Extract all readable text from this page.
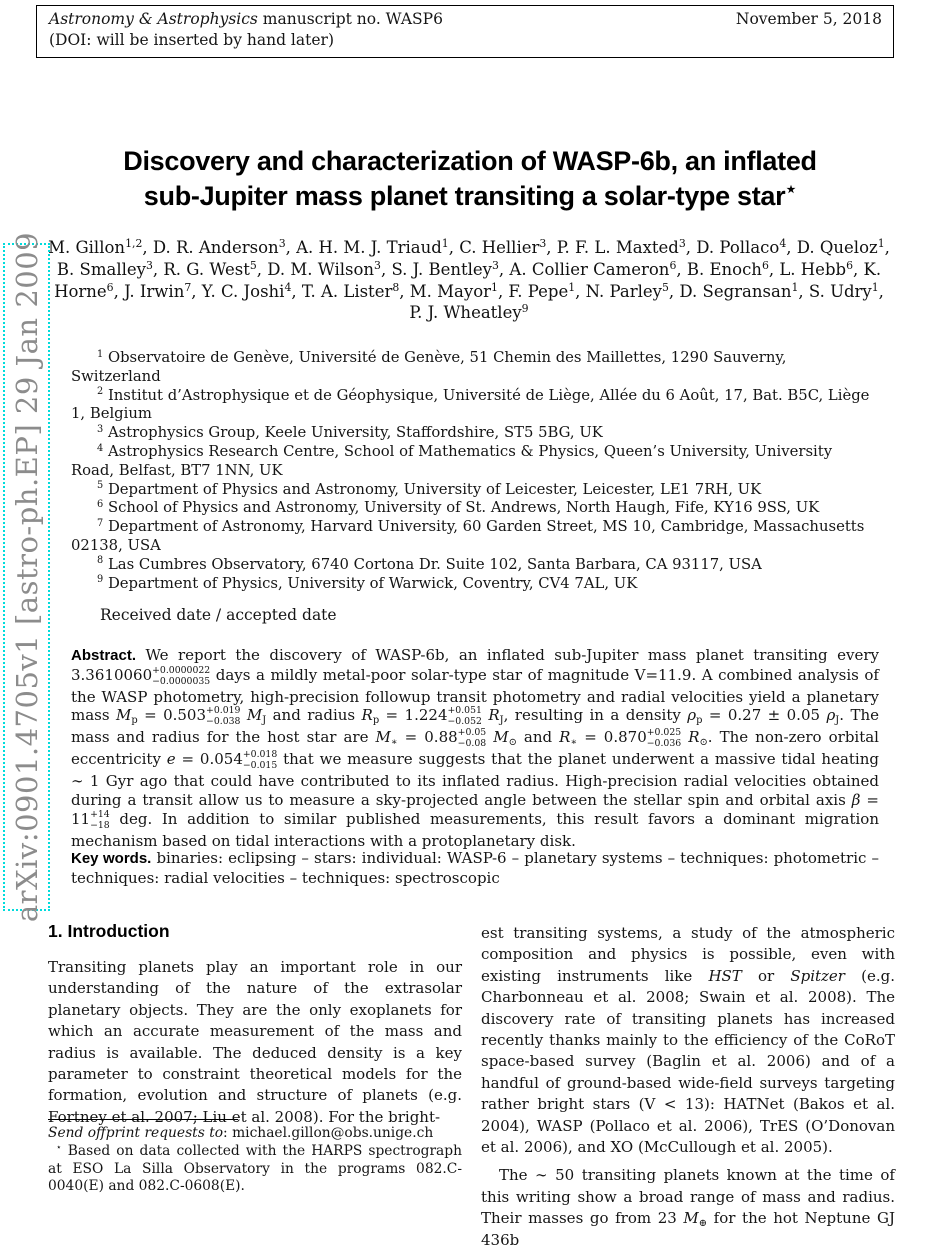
arXiv:0901.4705v1 [astro-ph.EP] 29 Jan 2009
Astronomy & Astrophysics manuscript no. WASP6
(DOI: will be inserted by hand later)
November 5, 2018
Discovery and characterization of WASP-6b, an inflated
sub-Jupiter mass planet transiting a solar-type star⋆
M. Gillon$^{1,2}$, D. R. Anderson$^3$, A. H. M. J. Triaud$^1$, C. Hellier$^3$, P. F. L. Maxted$^3$, D. Pollaco$^4$, D. Queloz$^1$,
B. Smalley$^3$, R. G. West$^5$, D. M. Wilson$^3$, S. J. Bentley$^3$, A. Collier Cameron$^6$, B. Enoch$^6$, L. Hebb$^6$, K.
Horne$^6$, J. Irwin$^7$, Y. C. Joshi$^4$, T. A. Lister$^8$, M. Mayor$^1$, F. Pepe$^1$, N. Parley$^5$, D. Segransan$^1$, S. Udry$^1$,
P. J. Wheatley$^9$
$^1$ Observatoire de Genève, Université de Genève, 51 Chemin des Maillettes, 1290 Sauverny, Switzerland
$^2$ Institut d’Astrophysique et de Géophysique, Université de Liège, Allée du 6 Août, 17, Bat. B5C, Liège 1, Belgium
$^3$ Astrophysics Group, Keele University, Staffordshire, ST5 5BG, UK
$^4$ Astrophysics Research Centre, School of Mathematics & Physics, Queen’s University, University Road, Belfast, BT7 1NN, UK
$^5$ Department of Physics and Astronomy, University of Leicester, Leicester, LE1 7RH, UK
$^6$ School of Physics and Astronomy, University of St. Andrews, North Haugh, Fife, KY16 9SS, UK
$^7$ Department of Astronomy, Harvard University, 60 Garden Street, MS 10, Cambridge, Massachusetts 02138, USA
$^8$ Las Cumbres Observatory, 6740 Cortona Dr. Suite 102, Santa Barbara, CA 93117, USA
$^9$ Department of Physics, University of Warwick, Coventry, CV4 7AL, UK
Received date / accepted date
Abstract. We report the discovery of WASP-6b, an inflated sub-Jupiter mass planet transiting every 3.3610060 +0.0000022
−0.0000035 days a mildly metal-poor solar-type star of magnitude V=11.9. A combined analysis of the WASP photometry, high-precision followup transit photometry and radial velocities yield a planetary mass $M_p = 0.503 +0.019$
−0.038 $M_J$ and radius $R_p = 1.224 +0.051$
−0.052 $R_J$, resulting in a density $\rho_p = 0.27 \pm 0.05$ $\rho_J$. The mass and radius for the host star are $M_∗ = 0.88 +0.05$
−0.08 $M_⊙$ and $R_∗ = 0.870 +0.025$
−0.036 $R_⊙$. The non-zero orbital eccentricity e = 0.054 +0.018
−0.015 that we measure suggests that the planet underwent a massive tidal heating ∼ 1 Gyr ago that could have contributed to its inflated radius. High-precision radial velocities obtained during a transit allow us to measure a sky-projected angle between the stellar spin and orbital axis β = 11 +14
−18 deg. In addition to similar published measurements, this result favors a dominant migration mechanism based on tidal interactions with a protoplanetary disk.
Key words. binaries: eclipsing – stars: individual: WASP-6 – planetary systems – techniques: photometric – techniques: radial velocities – techniques: spectroscopic
1. Introduction

Transiting planets play an important role in our understanding of the nature of the extrasolar planetary objects. They are the only exoplanets for which an accurate measurement of the mass and radius is available. The deduced density is a key parameter to constraint theoretical models for the formation, evolution and structure of planets (e.g. Fortney et al. 2007; Liu et al. 2008). For the bright-

est transiting systems, a study of the atmospheric composition and physics is possible, even with existing instruments like HST or Spitzer (e.g. Charbonneau et al. 2008; Swain et al. 2008). The discovery rate of transiting planets has increased recently thanks mainly to the efficiency of the CoRoT space-based survey (Baglin et al. 2006) and of a handful of ground-based wide-field surveys targeting rather bright stars (V < 13): HATNet (Bakos et al. 2004), WASP (Pollaco et al. 2006), TrES (O’Donovan et al. 2006), and XO (McCullough et al. 2005).

The ∼ 50 transiting planets known at the time of this writing show a broad range of mass and radius. Their masses go from 23 $M_\oplus$ for the hot Neptune GJ 436b

Send offprint requests to: michael.gillon@obs.unige.ch

⋆ Based on data collected with the HARPS spectrograph at ESO La Silla Observatory in the programs 082.C-0040(E) and 082.C-0608(E).
